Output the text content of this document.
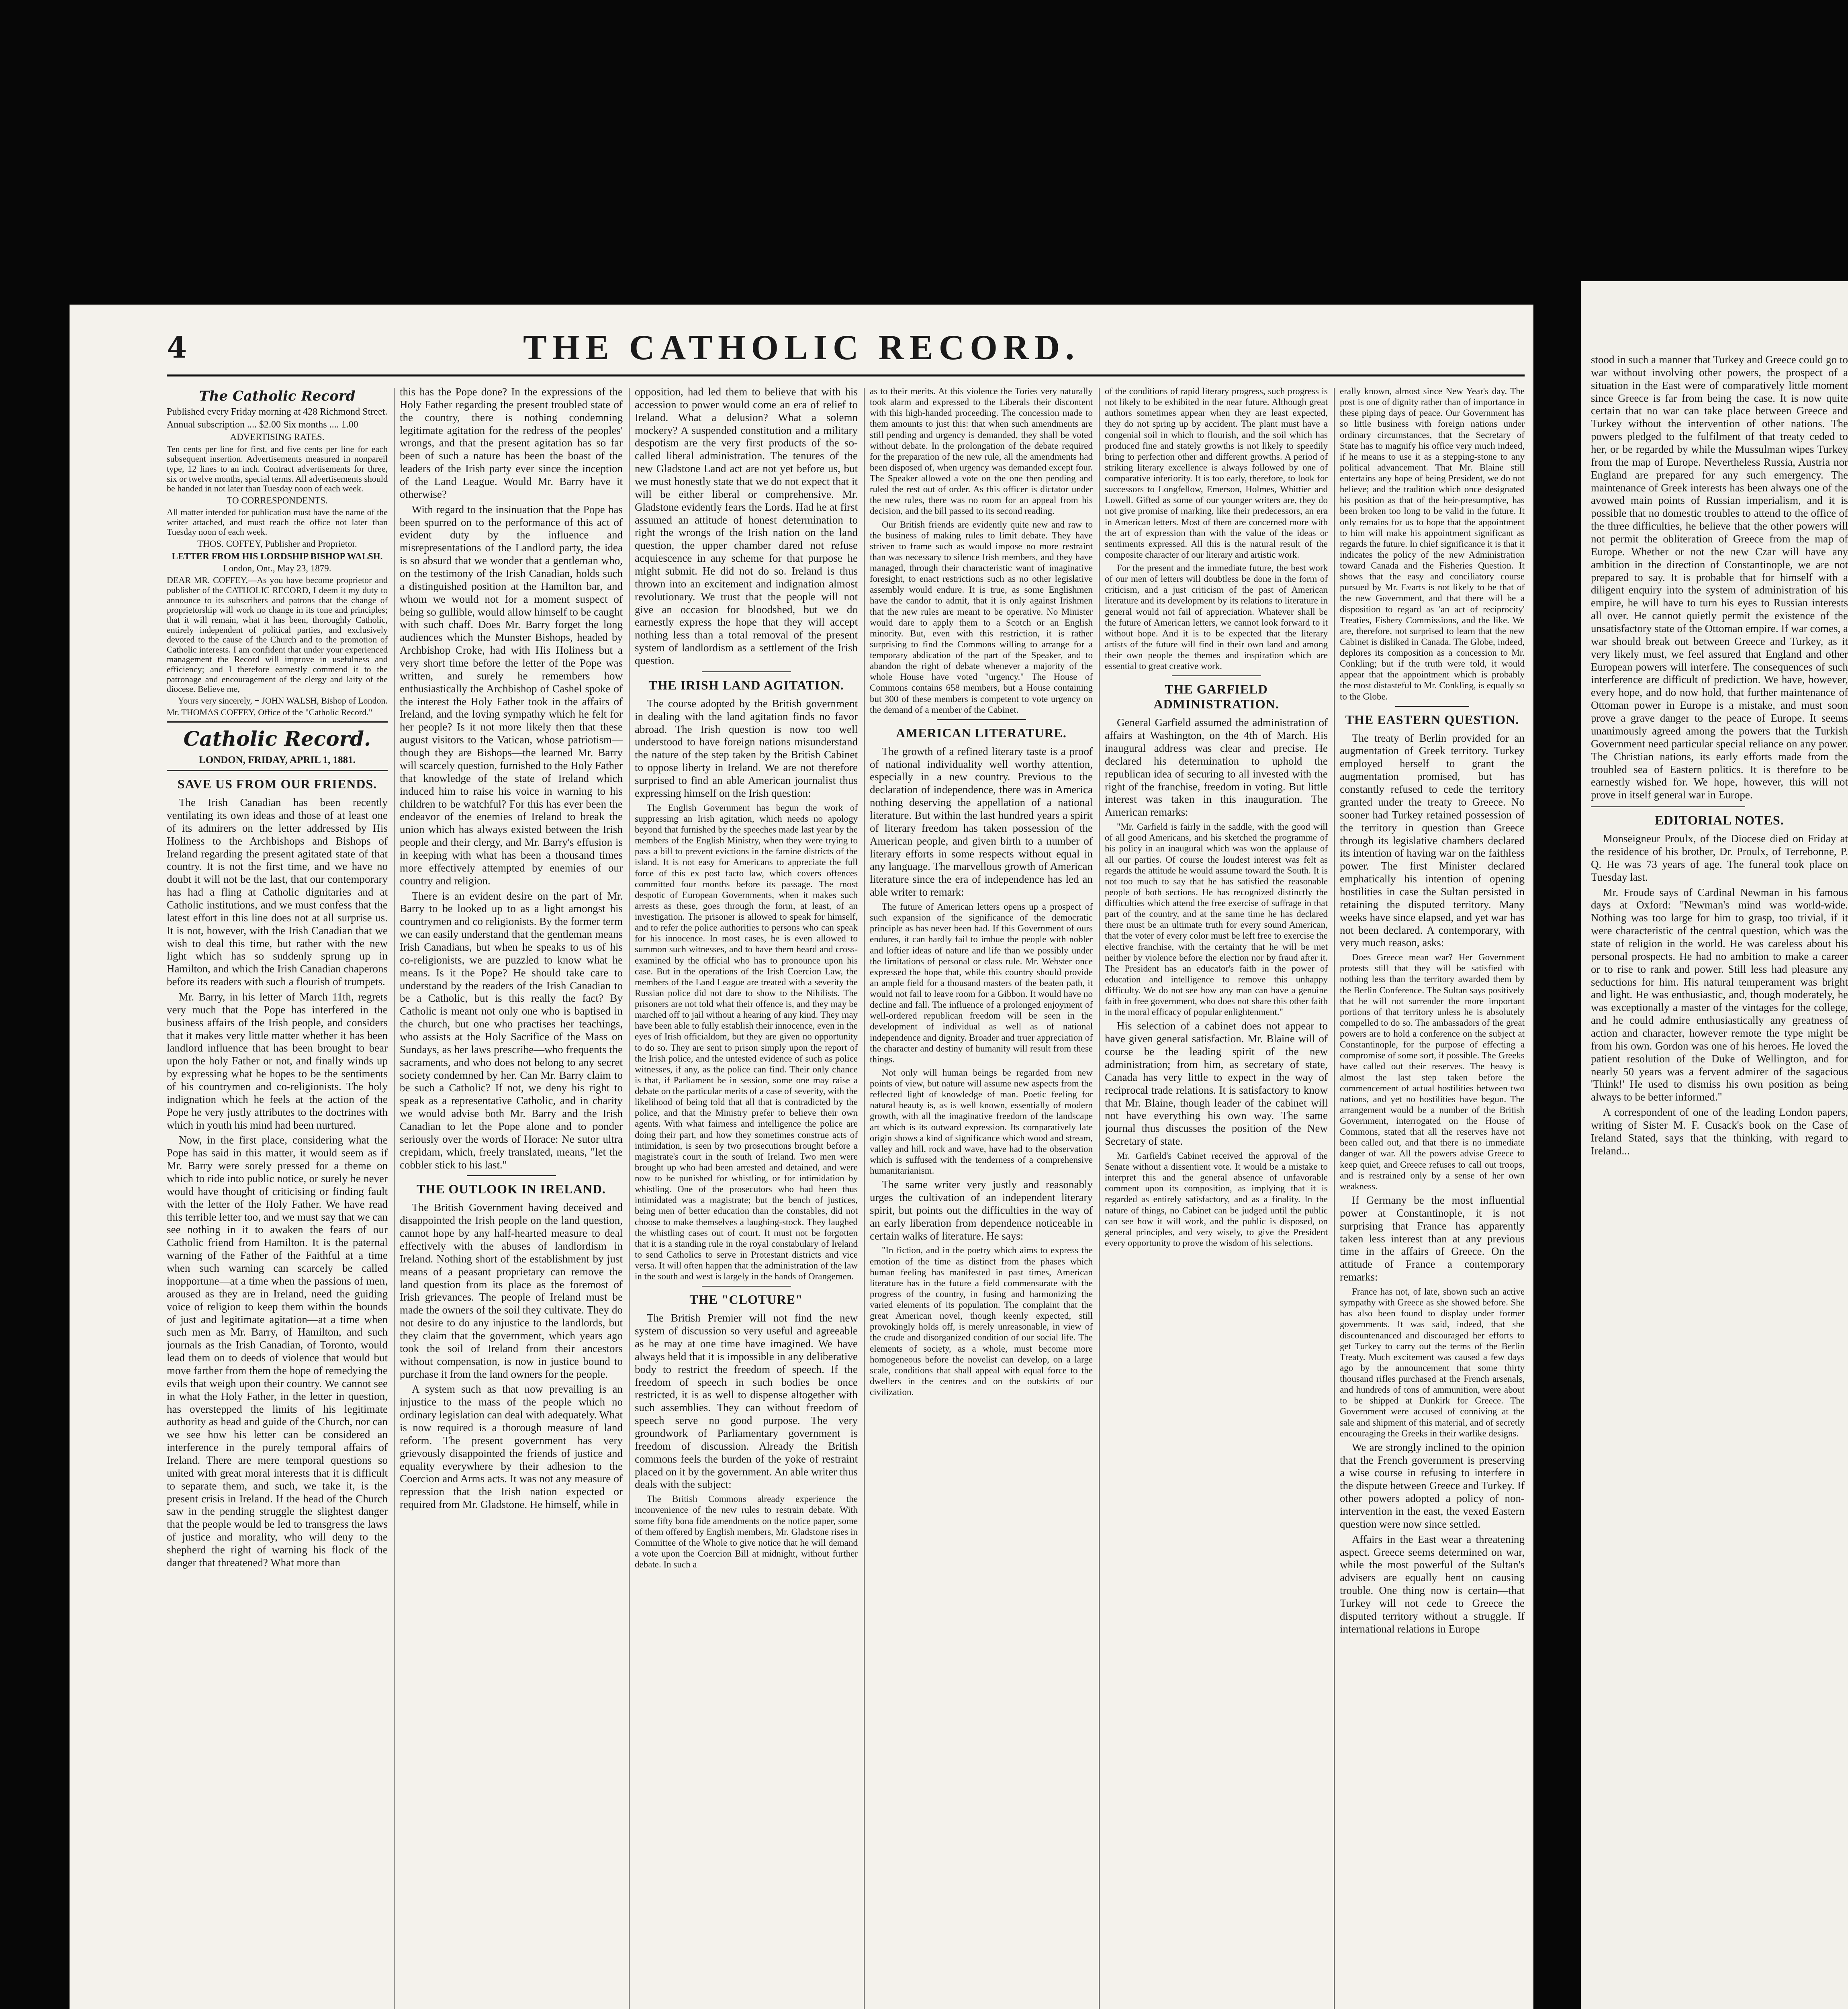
4	THE CATHOLIC RECORD.
The Catholic Record

Published every Friday morning at 428 Richmond Street.

Annual subscription .... $2.00 Six months .... 1.00

ADVERTISING RATES.

Ten cents per line for first, and five cents per line for each subsequent insertion. Advertisements measured in nonpareil type, 12 lines to an inch. Contract advertisements for three, six or twelve months, special terms. All advertisements should be handed in not later than Tuesday noon of each week.

TO CORRESPONDENTS.

All matter intended for publication must have the name of the writer attached, and must reach the office not later than Tuesday noon of each week.

THOS. COFFEY, Publisher and Proprietor.
LETTER FROM HIS LORDSHIP BISHOP WALSH.
London, Ont., May 23, 1879.

DEAR MR. COFFEY,—As you have become proprietor and publisher of the CATHOLIC RECORD, I deem it my duty to announce to its subscribers and patrons that the change of proprietorship will work no change in its tone and principles; that it will remain, what it has been, thoroughly Catholic, entirely independent of political parties, and exclusively devoted to the cause of the Church and to the promotion of Catholic interests. I am confident that under your experienced management the Record will improve in usefulness and efficiency; and I therefore earnestly commend it to the patronage and encouragement of the clergy and laity of the diocese. Believe me,

Yours very sincerely, + JOHN WALSH, Bishop of London.

Mr. THOMAS COFFEY, Office of the "Catholic Record."

Catholic Record.
LONDON, FRIDAY, APRIL 1, 1881.
SAVE US FROM OUR FRIENDS.

The Irish Canadian has been recently ventilating its own ideas and those of at least one of its admirers on the letter addressed by His Holiness to the Archbishops and Bishops of Ireland regarding the present agitated state of that country. It is not the first time, and we have no doubt it will not be the last, that our contemporary has had a fling at Catholic dignitaries and at Catholic institutions, and we must confess that the latest effort in this line does not at all surprise us. It is not, however, with the Irish Canadian that we wish to deal this time, but rather with the new light which has so suddenly sprung up in Hamilton, and which the Irish Canadian chaperons before its readers with such a flourish of trumpets.

Mr. Barry, in his letter of March 11th, regrets very much that the Pope has interfered in the business affairs of the Irish people, and considers that it makes very little matter whether it has been landlord influence that has been brought to bear upon the holy Father or not, and finally winds up by expressing what he hopes to be the sentiments of his countrymen and co-religionists. The holy indignation which he feels at the action of the Pope he very justly attributes to the doctrines with which in youth his mind had been nurtured.

Now, in the first place, considering what the Pope has said in this matter, it would seem as if Mr. Barry were sorely pressed for a theme on which to ride into public notice, or surely he never would have thought of criticising or finding fault with the letter of the Holy Father. We have read this terrible letter too, and we must say that we can see nothing in it to awaken the fears of our Catholic friend from Hamilton. It is the paternal warning of the Father of the Faithful at a time when such warning can scarcely be called inopportune—at a time when the passions of men, aroused as they are in Ireland, need the guiding voice of religion to keep them within the bounds of just and legitimate agitation—at a time when such men as Mr. Barry, of Hamilton, and such journals as the Irish Canadian, of Toronto, would lead them on to deeds of violence that would but move farther from them the hope of remedying the evils that weigh upon their country. We cannot see in what the Holy Father, in the letter in question, has overstepped the limits of his legitimate authority as head and guide of the Church, nor can we see how his letter can be considered an interference in the purely temporal affairs of Ireland. There are mere temporal questions so united with great moral interests that it is difficult to separate them, and such, we take it, is the present crisis in Ireland. If the head of the Church saw in the pending struggle the slightest danger that the people would be led to transgress the laws of justice and morality, who will deny to the shepherd the right of warning his flock of the danger that threatened? What more than

this has the Pope done? In the expressions of the Holy Father regarding the present troubled state of the country, there is nothing condemning legitimate agitation for the redress of the peoples' wrongs, and that the present agitation has so far been of such a nature has been the boast of the leaders of the Irish party ever since the inception of the Land League. Would Mr. Barry have it otherwise?

With regard to the insinuation that the Pope has been spurred on to the performance of this act of evident duty by the influence and misrepresentations of the Landlord party, the idea is so absurd that we wonder that a gentleman who, on the testimony of the Irish Canadian, holds such a distinguished position at the Hamilton bar, and whom we would not for a moment suspect of being so gullible, would allow himself to be caught with such chaff. Does Mr. Barry forget the long audiences which the Munster Bishops, headed by Archbishop Croke, had with His Holiness but a very short time before the letter of the Pope was written, and surely he remembers how enthusiastically the Archbishop of Cashel spoke of the interest the Holy Father took in the affairs of Ireland, and the loving sympathy which he felt for her people? Is it not more likely then that these august visitors to the Vatican, whose patriotism—though they are Bishops—the learned Mr. Barry will scarcely question, furnished to the Holy Father that knowledge of the state of Ireland which induced him to raise his voice in warning to his children to be watchful? For this has ever been the endeavor of the enemies of Ireland to break the union which has always existed between the Irish people and their clergy, and Mr. Barry's effusion is in keeping with what has been a thousand times more effectively attempted by enemies of our country and religion.

There is an evident desire on the part of Mr. Barry to be looked up to as a light amongst his countrymen and co religionists. By the former term we can easily understand that the gentleman means Irish Canadians, but when he speaks to us of his co-religionists, we are puzzled to know what he means. Is it the Pope? He should take care to understand by the readers of the Irish Canadian to be a Catholic, but is this really the fact? By Catholic is meant not only one who is baptised in the church, but one who practises her teachings, who assists at the Holy Sacrifice of the Mass on Sundays, as her laws prescribe—who frequents the sacraments, and who does not belong to any secret society condemned by her. Can Mr. Barry claim to be such a Catholic? If not, we deny his right to speak as a representative Catholic, and in charity we would advise both Mr. Barry and the Irish Canadian to let the Pope alone and to ponder seriously over the words of Horace: Ne sutor ultra crepidam, which, freely translated, means, "let the cobbler stick to his last."

THE OUTLOOK IN IRELAND.

The British Government having deceived and disappointed the Irish people on the land question, cannot hope by any half-hearted measure to deal effectively with the abuses of landlordism in Ireland. Nothing short of the establishment by just means of a peasant proprietary can remove the land question from its place as the foremost of Irish grievances. The people of Ireland must be made the owners of the soil they cultivate. They do not desire to do any injustice to the landlords, but they claim that the government, which years ago took the soil of Ireland from their ancestors without compensation, is now in justice bound to purchase it from the land owners for the people.

A system such as that now prevailing is an injustice to the mass of the people which no ordinary legislation can deal with adequately. What is now required is a thorough measure of land reform. The present government has very grievously disappointed the friends of justice and equality everywhere by their adhesion to the Coercion and Arms acts. It was not any measure of repression that the Irish nation expected or required from Mr. Gladstone. He himself, while in

opposition, had led them to believe that with his accession to power would come an era of relief to Ireland. What a delusion? What a solemn mockery? A suspended constitution and a military despotism are the very first products of the so-called liberal administration. The tenures of the new Gladstone Land act are not yet before us, but we must honestly state that we do not expect that it will be either liberal or comprehensive. Mr. Gladstone evidently fears the Lords. Had he at first assumed an attitude of honest determination to right the wrongs of the Irish nation on the land question, the upper chamber dared not refuse acquiescence in any scheme for that purpose he might submit. He did not do so. Ireland is thus thrown into an excitement and indignation almost revolutionary. We trust that the people will not give an occasion for bloodshed, but we do earnestly express the hope that they will accept nothing less than a total removal of the present system of landlordism as a settlement of the Irish question.

THE IRISH LAND AGITATION.

The course adopted by the British government in dealing with the land agitation finds no favor abroad. The Irish question is now too well understood to have foreign nations misunderstand the nature of the step taken by the British Cabinet to oppose liberty in Ireland. We are not therefore surprised to find an able American journalist thus expressing himself on the Irish question:

The English Government has begun the work of suppressing an Irish agitation, which needs no apology beyond that furnished by the speeches made last year by the members of the English Ministry, when they were trying to pass a bill to prevent evictions in the famine districts of the island. It is not easy for Americans to appreciate the full force of this ex post facto law, which covers offences committed four months before its passage. The most despotic of European Governments, when it makes such arrests as these, goes through the form, at least, of an investigation. The prisoner is allowed to speak for himself, and to refer the police authorities to persons who can speak for his innocence. In most cases, he is even allowed to summon such witnesses, and to have them heard and cross-examined by the official who has to pronounce upon his case. But in the operations of the Irish Coercion Law, the members of the Land League are treated with a severity the Russian police did not dare to show to the Nihilists. The prisoners are not told what their offence is, and they may be marched off to jail without a hearing of any kind. They may have been able to fully establish their innocence, even in the eyes of Irish officialdom, but they are given no opportunity to do so. They are sent to prison simply upon the report of the Irish police, and the untested evidence of such as police witnesses, if any, as the police can find. Their only chance is that, if Parliament be in session, some one may raise a debate on the particular merits of a case of severity, with the likelihood of being told that all that is contradicted by the police, and that the Ministry prefer to believe their own agents. With what fairness and intelligence the police are doing their part, and how they sometimes construe acts of intimidation, is seen by two prosecutions brought before a magistrate's court in the south of Ireland. Two men were brought up who had been arrested and detained, and were now to be punished for whistling, or for intimidation by whistling. One of the prosecutors who had been thus intimidated was a magistrate; but the bench of justices, being men of better education than the constables, did not choose to make themselves a laughing-stock. They laughed the whistling cases out of court. It must not be forgotten that it is a standing rule in the royal constabulary of Ireland to send Catholics to serve in Protestant districts and vice versa. It will often happen that the administration of the law in the south and west is largely in the hands of Orangemen.

THE "CLOTURE"

The British Premier will not find the new system of discussion so very useful and agreeable as he may at one time have imagined. We have always held that it is impossible in any deliberative body to restrict the freedom of speech. If the freedom of speech in such bodies be once restricted, it is as well to dispense altogether with such assemblies. They can without freedom of speech serve no good purpose. The very groundwork of Parliamentary government is freedom of discussion. Already the British commons feels the burden of the yoke of restraint placed on it by the government. An able writer thus deals with the subject:

The British Commons already experience the inconvenience of the new rules to restrain debate. With some fifty bona fide amendments on the notice paper, some of them offered by English members, Mr. Gladstone rises in Committee of the Whole to give notice that he will demand a vote upon the Coercion Bill at midnight, without further debate. In such a

as to their merits. At this violence the Tories very naturally took alarm and expressed to the Liberals their discontent with this high-handed proceeding. The concession made to them amounts to just this: that when such amendments are still pending and urgency is demanded, they shall be voted without debate. In the prolongation of the debate required for the preparation of the new rule, all the amendments had been disposed of, when urgency was demanded except four. The Speaker allowed a vote on the one then pending and ruled the rest out of order. As this officer is dictator under the new rules, there was no room for an appeal from his decision, and the bill passed to its second reading.

Our British friends are evidently quite new and raw to the business of making rules to limit debate. They have striven to frame such as would impose no more restraint than was necessary to silence Irish members, and they have managed, through their characteristic want of imaginative foresight, to enact restrictions such as no other legislative assembly would endure. It is true, as some Englishmen have the candor to admit, that it is only against Irishmen that the new rules are meant to be operative. No Minister would dare to apply them to a Scotch or an English minority. But, even with this restriction, it is rather surprising to find the Commons willing to arrange for a temporary abdication of the part of the Speaker, and to abandon the right of debate whenever a majority of the whole House have voted "urgency." The House of Commons contains 658 members, but a House containing but 300 of these members is competent to vote urgency on the demand of a member of the Cabinet.

AMERICAN LITERATURE.

The growth of a refined literary taste is a proof of national individuality well worthy attention, especially in a new country. Previous to the declaration of independence, there was in America nothing deserving the appellation of a national literature. But within the last hundred years a spirit of literary freedom has taken possession of the American people, and given birth to a number of literary efforts in some respects without equal in any language. The marvellous growth of American literature since the era of independence has led an able writer to remark:

The future of American letters opens up a prospect of such expansion of the significance of the democratic principle as has never been had. If this Government of ours endures, it can hardly fail to imbue the people with nobler and loftier ideas of nature and life than we possibly under the limitations of personal or class rule. Mr. Webster once expressed the hope that, while this country should provide an ample field for a thousand masters of the beaten path, it would not fail to leave room for a Gibbon. It would have no decline and fall. The influence of a prolonged enjoyment of well-ordered republican freedom will be seen in the development of individual as well as of national independence and dignity. Broader and truer appreciation of the character and destiny of humanity will result from these things.

Not only will human beings be regarded from new points of view, but nature will assume new aspects from the reflected light of knowledge of man. Poetic feeling for natural beauty is, as is well known, essentially of modern growth, with all the imaginative freedom of the landscape art which is its outward expression. Its comparatively late origin shows a kind of significance which wood and stream, valley and hill, rock and wave, have had to the observation which is suffused with the tenderness of a comprehensive humanitarianism.

The same writer very justly and reasonably urges the cultivation of an independent literary spirit, but points out the difficulties in the way of an early liberation from dependence noticeable in certain walks of literature. He says:

"In fiction, and in the poetry which aims to express the emotion of the time as distinct from the phases which human feeling has manifested in past times, American literature has in the future a field commensurate with the progress of the country, in fusing and harmonizing the varied elements of its population. The complaint that the great American novel, though keenly expected, still provokingly holds off, is merely unreasonable, in view of the crude and disorganized condition of our social life. The elements of society, as a whole, must become more homogeneous before the novelist can develop, on a large scale, conditions that shall appeal with equal force to the dwellers in the centres and on the outskirts of our civilization.

of the conditions of rapid literary progress, such progress is not likely to be exhibited in the near future. Although great authors sometimes appear when they are least expected, they do not spring up by accident. The plant must have a congenial soil in which to flourish, and the soil which has produced fine and stately growths is not likely to speedily bring to perfection other and different growths. A period of striking literary excellence is always followed by one of comparative inferiority. It is too early, therefore, to look for successors to Longfellow, Emerson, Holmes, Whittier and Lowell. Gifted as some of our younger writers are, they do not give promise of marking, like their predecessors, an era in American letters. Most of them are concerned more with the art of expression than with the value of the ideas or sentiments expressed. All this is the natural result of the composite character of our literary and artistic work.

For the present and the immediate future, the best work of our men of letters will doubtless be done in the form of criticism, and a just criticism of the past of American literature and its development by its relations to literature in general would not fail of appreciation. Whatever shall be the future of American letters, we cannot look forward to it without hope. And it is to be expected that the literary artists of the future will find in their own land and among their own people the themes and inspiration which are essential to great creative work.

THE GARFIELD ADMINISTRATION.

General Garfield assumed the administration of affairs at Washington, on the 4th of March. His inaugural address was clear and precise. He declared his determination to uphold the republican idea of securing to all invested with the right of the franchise, freedom in voting. But little interest was taken in this inauguration. The American remarks:

"Mr. Garfield is fairly in the saddle, with the good will of all good Americans, and his sketched the programme of his policy in an inaugural which was won the applause of all our parties. Of course the loudest interest was felt as regards the attitude he would assume toward the South. It is not too much to say that he has satisfied the reasonable people of both sections. He has recognized distinctly the difficulties which attend the free exercise of suffrage in that part of the country, and at the same time he has declared there must be an ultimate truth for every sound American, that the voter of every color must be left free to exercise the elective franchise, with the certainty that he will be met neither by violence before the election nor by fraud after it. The President has an educator's faith in the power of education and intelligence to remove this unhappy difficulty. We do not see how any man can have a genuine faith in free government, who does not share this other faith in the moral efficacy of popular enlightenment."

His selection of a cabinet does not appear to have given general satisfaction. Mr. Blaine will of course be the leading spirit of the new administration; from him, as secretary of state, Canada has very little to expect in the way of reciprocal trade relations. It is satisfactory to know that Mr. Blaine, though leader of the cabinet will not have everything his own way. The same journal thus discusses the position of the New Secretary of state.

Mr. Garfield's Cabinet received the approval of the Senate without a dissentient vote. It would be a mistake to interpret this and the general absence of unfavorable comment upon its composition, as implying that it is regarded as entirely satisfactory, and as a finality. In the nature of things, no Cabinet can be judged until the public can see how it will work, and the public is disposed, on general principles, and very wisely, to give the President every opportunity to prove the wisdom of his selections.

erally known, almost since New Year's day. The post is one of dignity rather than of importance in these piping days of peace. Our Government has so little business with foreign nations under ordinary circumstances, that the Secretary of State has to magnify his office very much indeed, if he means to use it as a stepping-stone to any political advancement. That Mr. Blaine still entertains any hope of being President, we do not believe; and the tradition which once designated his position as that of the heir-presumptive, has been broken too long to be valid in the future. It only remains for us to hope that the appointment to him will make his appointment significant as regards the future. In chief significance it is that it indicates the policy of the new Administration toward Canada and the Fisheries Question. It shows that the easy and conciliatory course pursued by Mr. Evarts is not likely to be that of the new Government, and that there will be a disposition to regard as 'an act of reciprocity' Treaties, Fishery Commissions, and the like. We are, therefore, not surprised to learn that the new Cabinet is disliked in Canada. The Globe, indeed, deplores its composition as a concession to Mr. Conkling; but if the truth were told, it would appear that the appointment which is probably the most distasteful to Mr. Conkling, is equally so to the Globe.

THE EASTERN QUESTION.

The treaty of Berlin provided for an augmentation of Greek territory. Turkey employed herself to grant the augmentation promised, but has constantly refused to cede the territory granted under the treaty to Greece. No sooner had Turkey retained possession of the territory in question than Greece through its legislative chambers declared its intention of having war on the faithless power. The first Minister declared emphatically his intention of opening hostilities in case the Sultan persisted in retaining the disputed territory. Many weeks have since elapsed, and yet war has not been declared. A contemporary, with very much reason, asks:

Does Greece mean war? Her Government protests still that they will be satisfied with nothing less than the territory awarded them by the Berlin Conference. The Sultan says positively that he will not surrender the more important portions of that territory unless he is absolutely compelled to do so. The ambassadors of the great powers are to hold a conference on the subject at Constantinople, for the purpose of effecting a compromise of some sort, if possible. The Greeks have called out their reserves. The heavy is almost the last step taken before the commencement of actual hostilities between two nations, and yet no hostilities have begun. The arrangement would be a number of the British Government, interrogated on the House of Commons, stated that all the reserves have not been called out, and that there is no immediate danger of war. All the powers advise Greece to keep quiet, and Greece refuses to call out troops, and is restrained only by a sense of her own weakness.

If Germany be the most influential power at Constantinople, it is not surprising that France has apparently taken less interest than at any previous time in the affairs of Greece. On the attitude of France a contemporary remarks:

France has not, of late, shown such an active sympathy with Greece as she showed before. She has also been found to display under former governments. It was said, indeed, that she discountenanced and discouraged her efforts to get Turkey to carry out the terms of the Berlin Treaty. Much excitement was caused a few days ago by the announcement that some thirty thousand rifles purchased at the French arsenals, and hundreds of tons of ammunition, were about to be shipped at Dunkirk for Greece. The Government were accused of conniving at the sale and shipment of this material, and of secretly encouraging the Greeks in their warlike designs.

We are strongly inclined to the opinion that the French government is preserving a wise course in refusing to interfere in the dispute between Greece and Turkey. If other powers adopted a policy of non-intervention in the east, the vexed Eastern question were now since settled.

Affairs in the East wear a threatening aspect. Greece seems determined on war, while the most powerful of the Sultan's advisers are equally bent on causing trouble. One thing now is certain—that Turkey will not cede to Greece the disputed territory without a struggle. If international relations in Europe

stood in such a manner that Turkey and Greece could go to war without involving other powers, the prospect of a situation in the East were of comparatively little moment since Greece is far from being the case. It is now quite certain that no war can take place between Greece and Turkey without the intervention of other nations. The powers pledged to the fulfilment of that treaty ceded to her, or be regarded by while the Mussulman wipes Turkey from the map of Europe. Nevertheless Russia, Austria nor England are prepared for any such emergency. The maintenance of Greek interests has been always one of the avowed main points of Russian imperialism, and it is possible that no domestic troubles to attend to the office of the three difficulties, he believe that the other powers will not permit the obliteration of Greece from the map of Europe. Whether or not the new Czar will have any ambition in the direction of Constantinople, we are not prepared to say. It is probable that for himself with a diligent enquiry into the system of administration of his empire, he will have to turn his eyes to Russian interests all over. He cannot quietly permit the existence of the unsatisfactory state of the Ottoman empire. If war comes, a war should break out between Greece and Turkey, as it very likely must, we feel assured that England and other European powers will interfere. The consequences of such interference are difficult of prediction. We have, however, every hope, and do now hold, that further maintenance of Ottoman power in Europe is a mistake, and must soon prove a grave danger to the peace of Europe. It seems unanimously agreed among the powers that the Turkish Government need particular special reliance on any power. The Christian nations, its early efforts made from the troubled sea of Eastern politics. It is therefore to be earnestly wished for. We hope, however, this will not prove in itself general war in Europe.

EDITORIAL NOTES.

Monseigneur Proulx, of the Diocese died on Friday at the residence of his brother, Dr. Proulx, of Terrebonne, P. Q. He was 73 years of age. The funeral took place on Tuesday last.

Mr. Froude says of Cardinal Newman in his famous days at Oxford: "Newman's mind was world-wide. Nothing was too large for him to grasp, too trivial, if it were characteristic of the central question, which was the state of religion in the world. He was careless about his personal prospects. He had no ambition to make a career or to rise to rank and power. Still less had pleasure any seductions for him. His natural temperament was bright and light. He was enthusiastic, and, though moderately, he was exceptionally a master of the vintages for the college, and he could admire enthusiastically any greatness of action and character, however remote the type might be from his own. Gordon was one of his heroes. He loved the patient resolution of the Duke of Wellington, and for nearly 50 years was a fervent admirer of the sagacious 'Think!' He used to dismiss his own position as being always to be better informed."

A correspondent of one of the leading London papers, writing of Sister M. F. Cusack's book on the Case of Ireland Stated, says that the thinking, with regard to Ireland...
